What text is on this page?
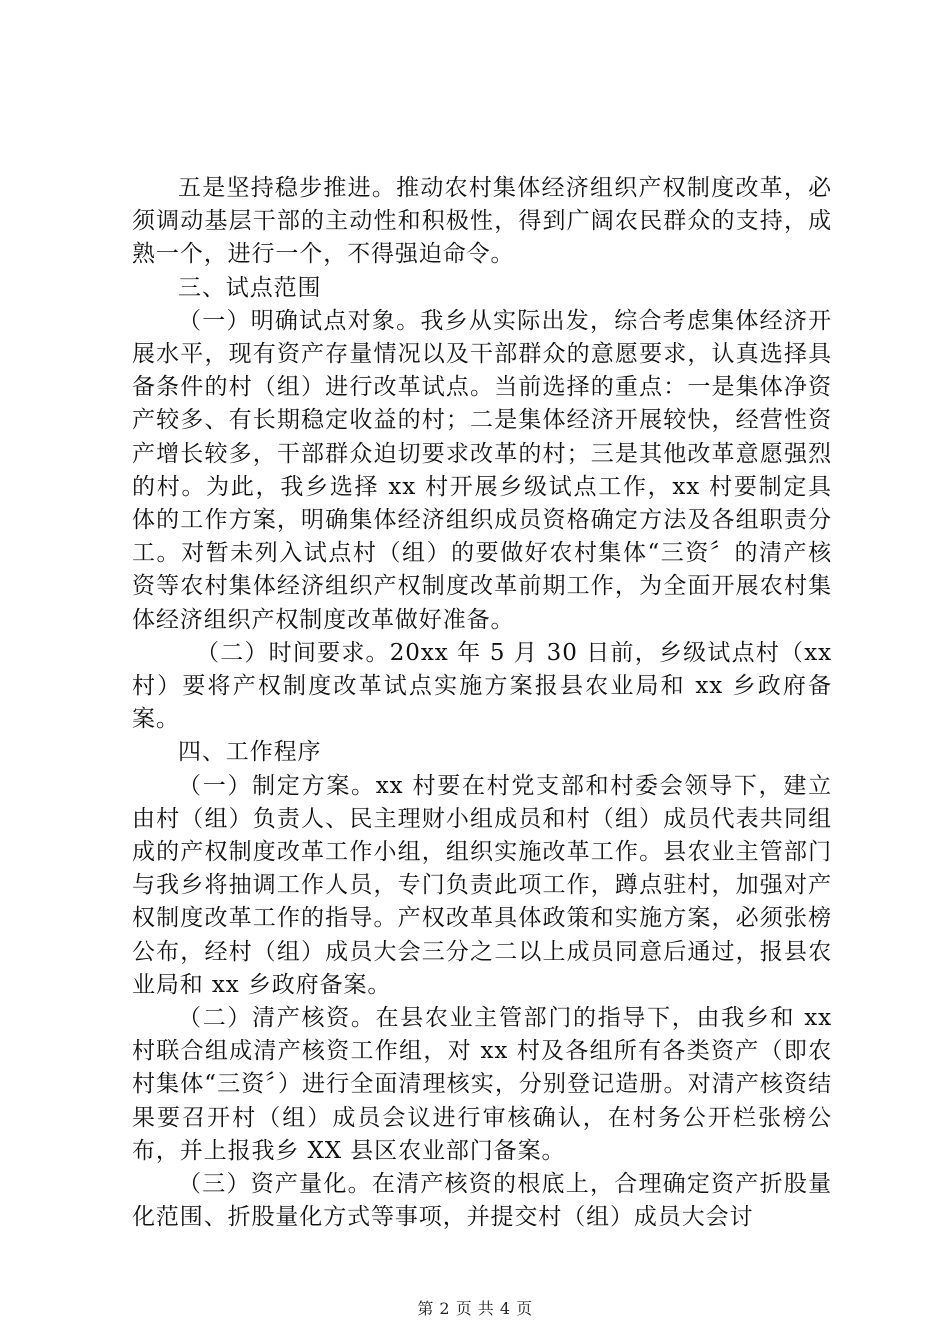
五是坚持稳步推进。推动农村集体经济组织产权制度改革，必须调动基层干部的主动性和积极性，得到广阔农民群众的支持，成熟一个，进行一个，不得强迫命令。

三、试点范围

（一）明确试点对象。我乡从实际出发，综合考虑集体经济开展水平，现有资产存量情况以及干部群众的意愿要求，认真选择具备条件的村（组）进行改革试点。当前选择的重点：一是集体净资产较多、有长期稳定收益的村；二是集体经济开展较快，经营性资产增长较多，干部群众迫切要求改革的村；三是其他改革意愿强烈的村。为此，我乡选择 xx 村开展乡级试点工作，xx 村要制定具体的工作方案，明确集体经济组织成员资格确定方法及各组职责分工。对暂未列入试点村（组）的要做好农村集体“三资〞的清产核资等农村集体经济组织产权制度改革前期工作，为全面开展农村集体经济组织产权制度改革做好准备。

（二）时间要求。20xx 年 5 月 30 日前，乡级试点村（xx 村）要将产权制度改革试点实施方案报县农业局和 xx 乡政府备案。

四、工作程序

（一）制定方案。xx 村要在村党支部和村委会领导下，建立由村（组）负责人、民主理财小组成员和村（组）成员代表共同组成的产权制度改革工作小组，组织实施改革工作。县农业主管部门与我乡将抽调工作人员，专门负责此项工作，蹲点驻村，加强对产权制度改革工作的指导。产权改革具体政策和实施方案，必须张榜公布，经村（组）成员大会三分之二以上成员同意后通过，报县农业局和 xx 乡政府备案。

（二）清产核资。在县农业主管部门的指导下，由我乡和 xx 村联合组成清产核资工作组，对 xx 村及各组所有各类资产（即农村集体“三资〞）进行全面清理核实，分别登记造册。对清产核资结果要召开村（组）成员会议进行审核确认，在村务公开栏张榜公布，并上报我乡 XX 县区农业部门备案。

（三）资产量化。在清产核资的根底上，合理确定资产折股量化范围、折股量化方式等事项，并提交村（组）成员大会讨

第 2 页 共 4 页
